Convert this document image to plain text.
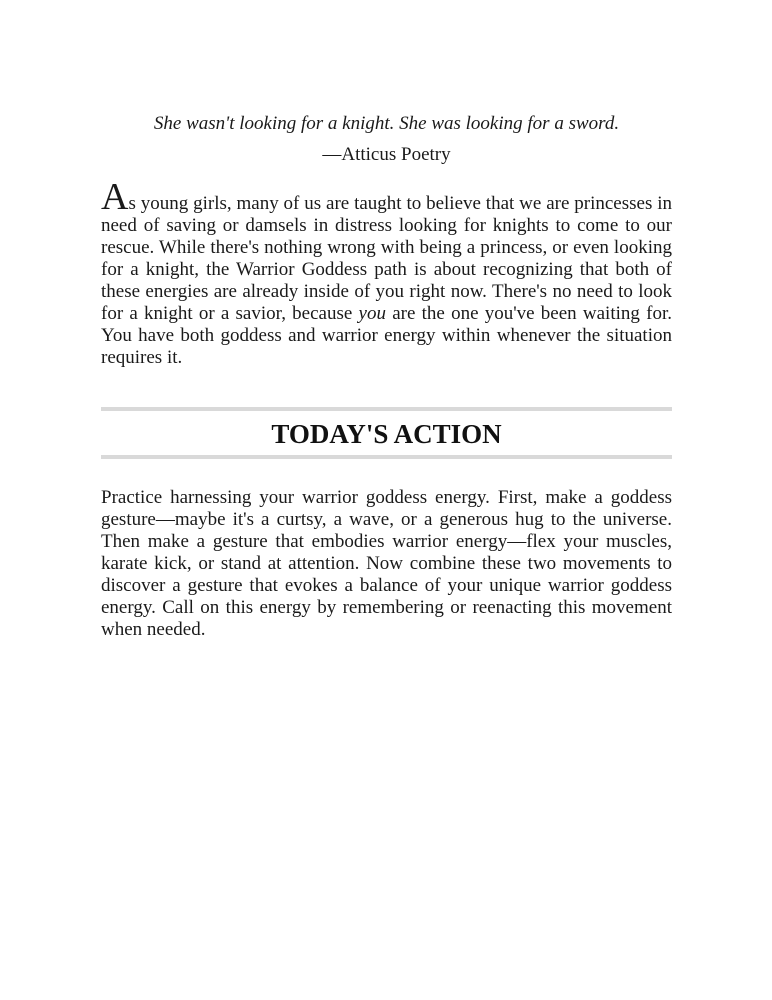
She wasn't looking for a knight. She was looking for a sword.
—Atticus Poetry

As young girls, many of us are taught to believe that we are princesses in need of saving or damsels in distress looking for knights to come to our rescue. While there's nothing wrong with being a princess, or even looking for a knight, the Warrior Goddess path is about recognizing that both of these energies are already inside of you right now. There's no need to look for a knight or a savior, because you are the one you've been waiting for. You have both goddess and warrior energy within whenever the situation requires it.

TODAY'S ACTION

Practice harnessing your warrior goddess energy. First, make a goddess gesture—maybe it's a curtsy, a wave, or a generous hug to the universe. Then make a gesture that embodies warrior energy—flex your muscles, karate kick, or stand at attention. Now combine these two movements to discover a gesture that evokes a balance of your unique warrior goddess energy. Call on this energy by remembering or reenacting this movement when needed.
